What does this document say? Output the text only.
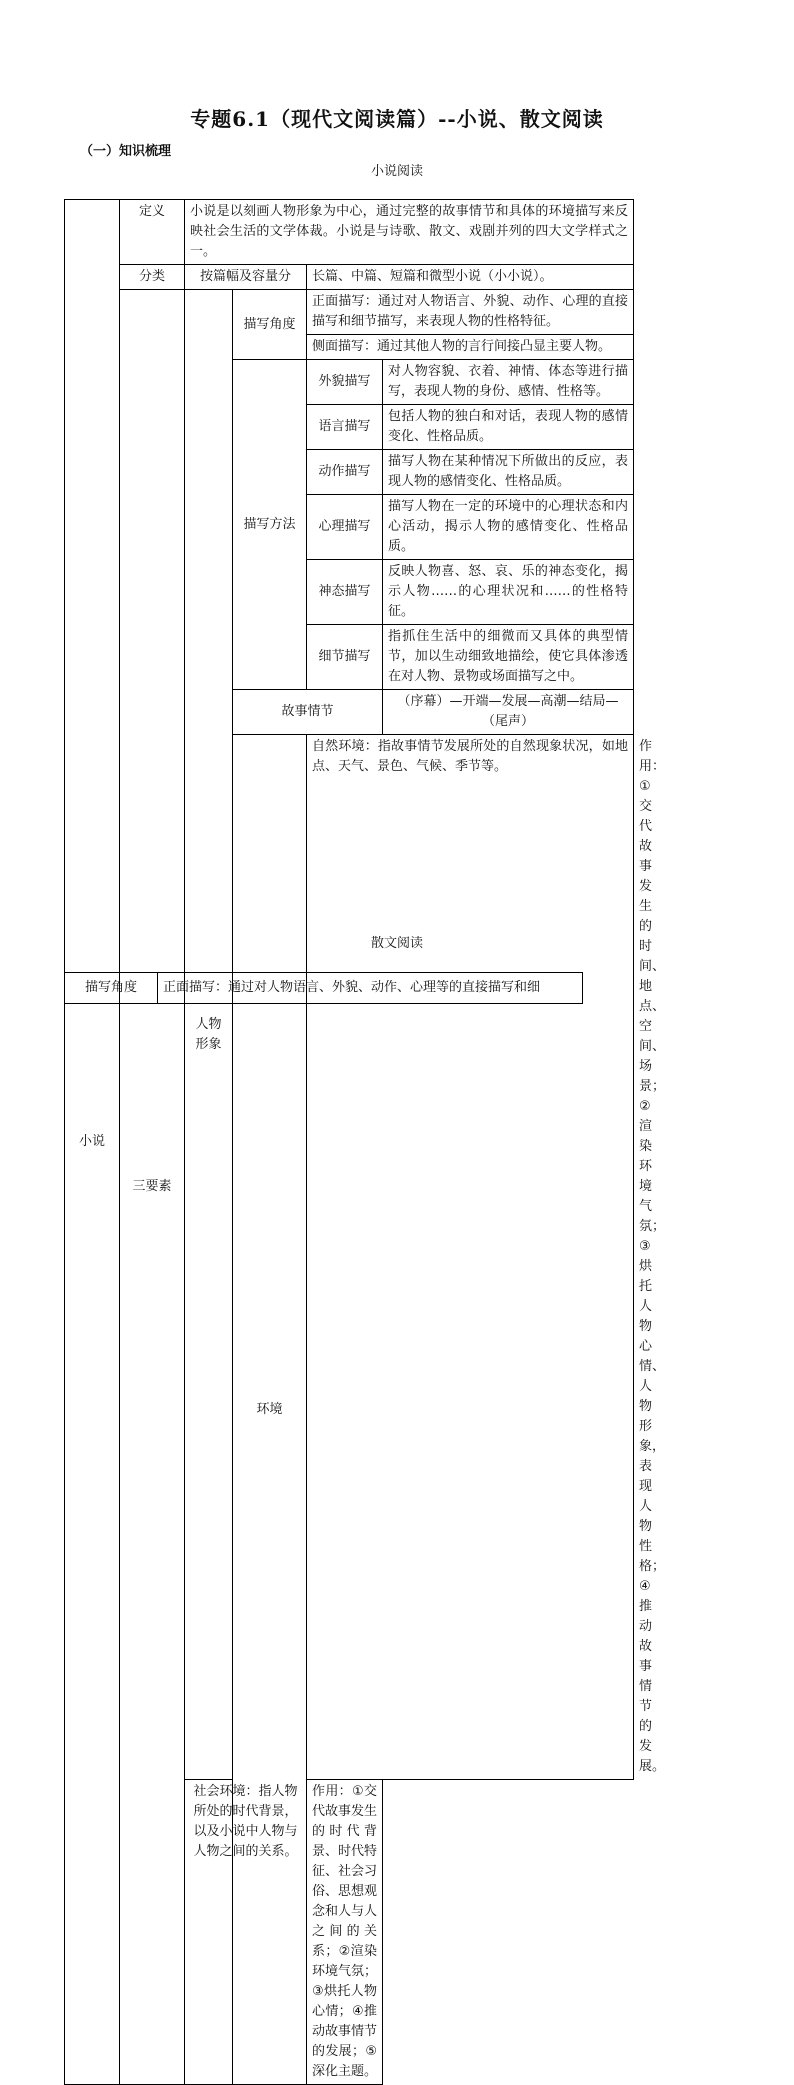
专题6.1（现代文阅读篇）--小说、散文阅读
（一）知识梳理
小说阅读
小说	定义	小说是以刻画人物形象为中心，通过完整的故事情节和具体的环境描写来反映社会生活的文学体裁。小说是与诗歌、散文、戏剧并列的四大文学样式之一。				
	分类	按篇幅及容量分		长篇、中篇、短篇和微型小说（小小说）。		
	三要素	人物形象	描写角度	正面描写：通过对人物语言、外貌、动作、心理的直接描写和细节描写，来表现人物的性格特征。		
				侧面描写：通过其他人物的言行间接凸显主要人物。		
			描写方法	外貌描写	对人物容貌、衣着、神情、体态等进行描写，表现人物的身份、感情、性格等。	
				语言描写	包括人物的独白和对话，表现人物的感情变化、性格品质。	
				动作描写	描写人物在某种情况下所做出的反应，表现人物的感情变化、性格品质。	
				心理描写	描写人物在一定的环境中的心理状态和内心活动，揭示人物的感情变化、性格品质。	
				神态描写	反映人物喜、怒、哀、乐的神态变化，揭示人物……的心理状况和……的性格特征。	
				细节描写	指抓住生活中的细微而又具体的典型情节，加以生动细致地描绘，使它具体渗透在对人物、景物或场面描写之中。	
			故事情节		（序幕）—开端—发展—高潮—结局—（尾声）	
			环境	自然环境：指故事情节发展所处的自然现象状况，如地点、天气、景色、气候、季节等。		作用：①交代故事发生的时间、地点、空间、场景；②渲染环境气氛；③烘托人物心情、人物形象，表现人物性格；④推动故事情节的发展。
		社会环境：指人物所处的时代背景，以及小说中人物与人物之间的关系。		作用：①交代故事发生的时代背景、时代特征、社会习俗、思想观念和人与人之间的关系；②渲染环境气氛；③烘托人物心情；④推动故事情节的发展；⑤深化主题。		
散文阅读
描写角度	正面描写：通过对人物语言、外貌、动作、心理等的直接描写和细
